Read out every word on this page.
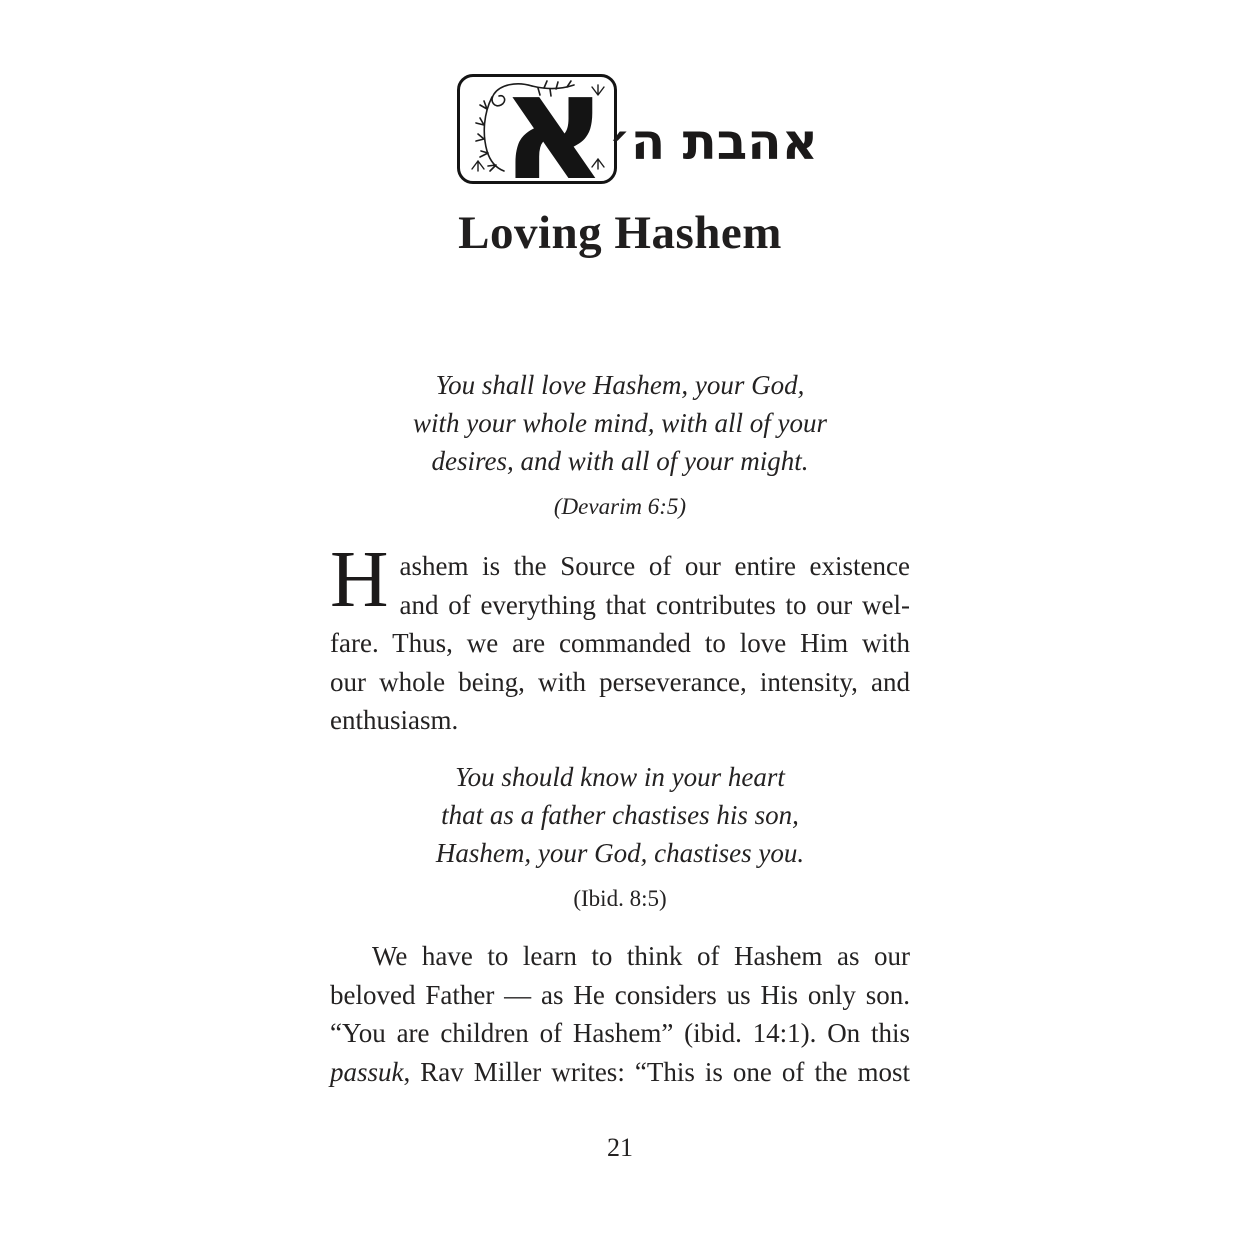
א אהבת ה׳
Loving Hashem
You shall love Hashem, your God,
with your whole mind, with all of your
desires, and with all of your might.
(Devarim 6:5)
H ashem is the Source of our entire existence
and of everything that contributes to our wel-
fare. Thus, we are commanded to love Him with
our whole being, with perseverance, intensity, and
enthusiasm.
You should know in your heart
that as a father chastises his son,
Hashem, your God, chastises you.
(Ibid. 8:5)
We have to learn to think of Hashem as our
beloved Father — as He considers us His only son.
“You are children of Hashem” (ibid. 14:1). On this
passuk, Rav Miller writes: “This is one of the most
21
